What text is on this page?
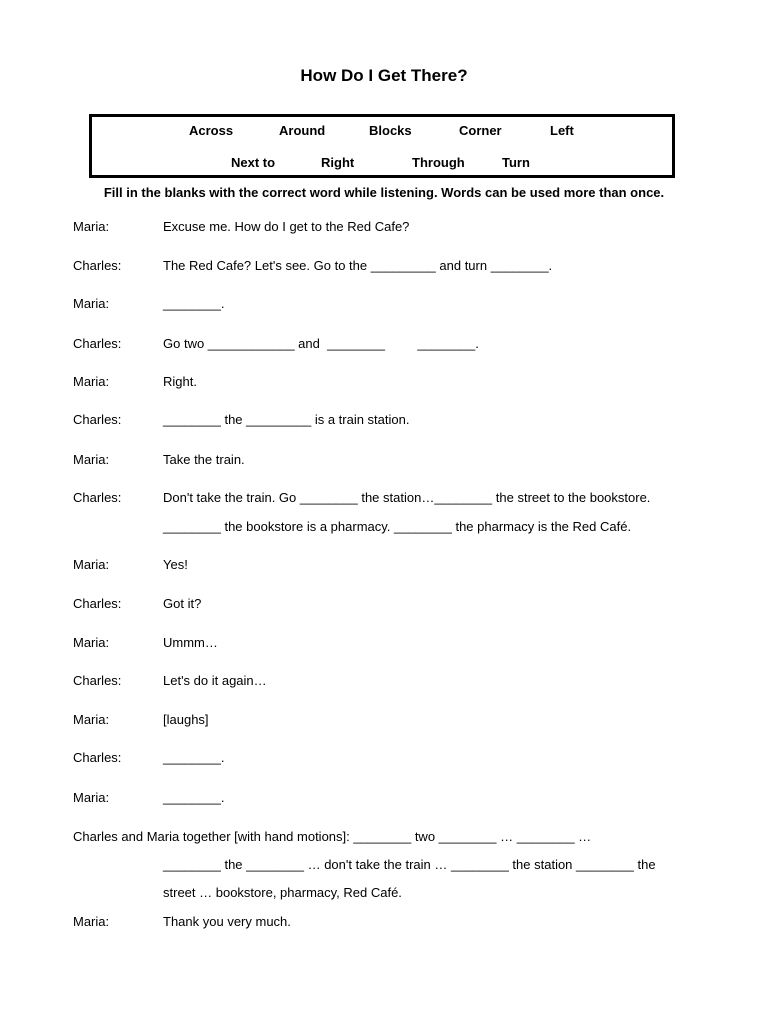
How Do I Get There?
Across	Around	Blocks	Corner	Left
Next to	Right	Through	Turn
Fill in the blanks with the correct word while listening. Words can be used more than once.
Maria:	Excuse me. How do I get to the Red Cafe?
Charles:	The Red Cafe? Let's see. Go to the _________ and turn ________.
Maria:	________.
Charles:	Go two ____________ and  ________         ________.
Maria:	Right.
Charles:	________ the _________ is a train station.
Maria:	Take the train.
Charles:	Don't take the train. Go ________ the station…________ the street to the bookstore.
________ the bookstore is a pharmacy. ________ the pharmacy is the Red Café.
Maria:	Yes!
Charles:	Got it?
Maria:	Ummm…
Charles:	Let's do it again…
Maria:	[laughs]
Charles:	________.
Maria:	________.
Charles and Maria together [with hand motions]: ________ two ________ … ________ …
________ the ________ … don't take the train … ________ the station ________ the
street … bookstore, pharmacy, Red Café.
Maria:	Thank you very much.
